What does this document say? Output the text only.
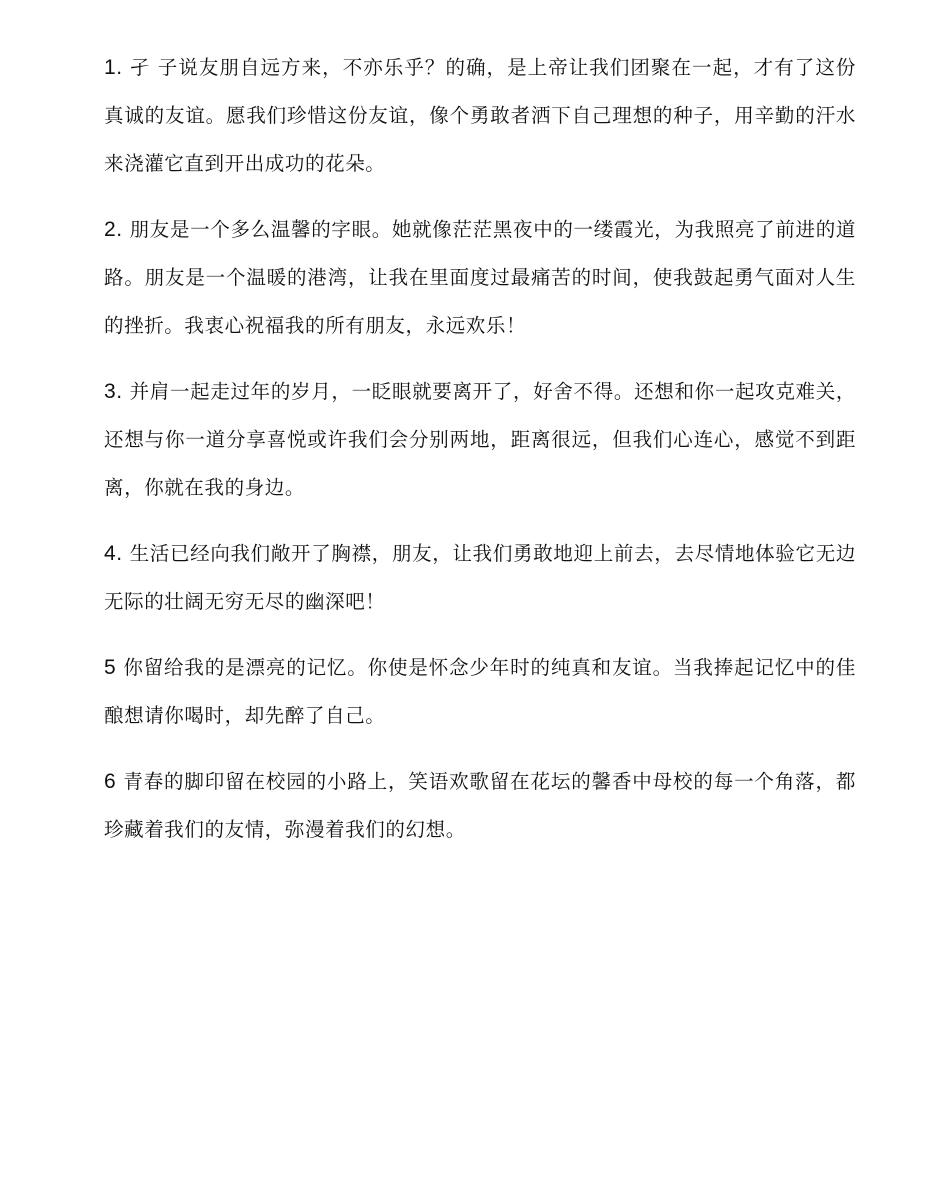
1. 孑 子说友朋自远方来，不亦乐乎？的确，是上帝让我们团聚在一起，才有了这份真诚的友谊。愿我们珍惜这份友谊，像个勇敢者洒下自己理想的种子，用辛勤的汗水来浇灌它直到开出成功的花朵。

2. 朋友是一个多么温馨的字眼。她就像茫茫黑夜中的一缕霞光，为我照亮了前进的道路。朋友是一个温暖的港湾，让我在里面度过最痛苦的时间，使我鼓起勇气面对人生的挫折。我衷心祝福我的所有朋友，永远欢乐！

3. 并肩一起走过年的岁月，一眨眼就要离开了，好舍不得。还想和你一起攻克难关，还想与你一道分享喜悦或许我们会分别两地，距离很远，但我们心连心，感觉不到距离，你就在我的身边。

4. 生活已经向我们敞开了胸襟，朋友，让我们勇敢地迎上前去，去尽情地体验它无边无际的壮阔无穷无尽的幽深吧！

5 你留给我的是漂亮的记忆。你使是怀念少年时的纯真和友谊。当我捧起记忆中的佳酿想请你喝时，却先醉了自己。

6 青春的脚印留在校园的小路上，笑语欢歌留在花坛的馨香中母校的每一个角落，都珍藏着我们的友情，弥漫着我们的幻想。
